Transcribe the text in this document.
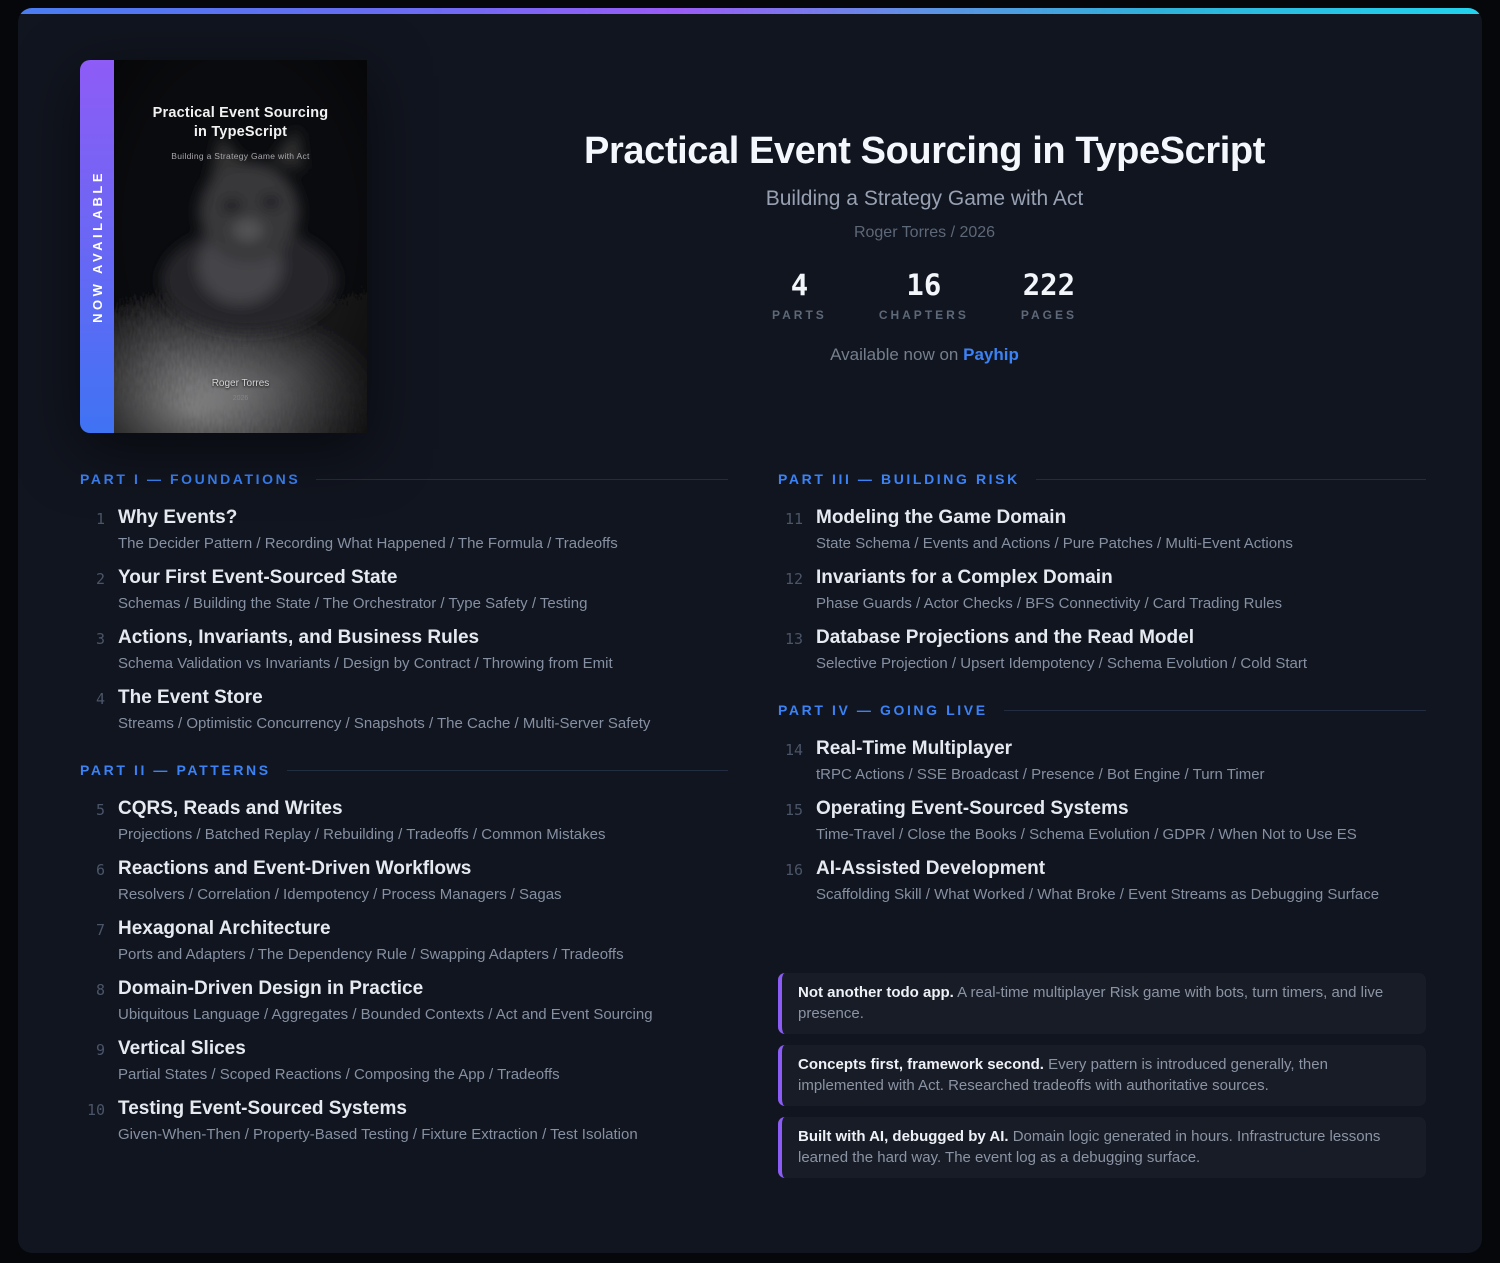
NOW AVAILABLE
Practical Event Sourcing
in TypeScript
Building a Strategy Game with Act
Roger Torres
2026
Practical Event Sourcing in TypeScript
Building a Strategy Game with Act
Roger Torres / 2026
4
PARTS
16
CHAPTERS
222
PAGES
Available now on Payhip
PART I — FOUNDATIONS
1 Why Events?
The Decider Pattern / Recording What Happened / The Formula / Tradeoffs
2 Your First Event-Sourced State
Schemas / Building the State / The Orchestrator / Type Safety / Testing
3 Actions, Invariants, and Business Rules
Schema Validation vs Invariants / Design by Contract / Throwing from Emit
4 The Event Store
Streams / Optimistic Concurrency / Snapshots / The Cache / Multi-Server Safety
PART II — PATTERNS
5 CQRS, Reads and Writes
Projections / Batched Replay / Rebuilding / Tradeoffs / Common Mistakes
6 Reactions and Event-Driven Workflows
Resolvers / Correlation / Idempotency / Process Managers / Sagas
7 Hexagonal Architecture
Ports and Adapters / The Dependency Rule / Swapping Adapters / Tradeoffs
8 Domain-Driven Design in Practice
Ubiquitous Language / Aggregates / Bounded Contexts / Act and Event Sourcing
9 Vertical Slices
Partial States / Scoped Reactions / Composing the App / Tradeoffs
10 Testing Event-Sourced Systems
Given-When-Then / Property-Based Testing / Fixture Extraction / Test Isolation
PART III — BUILDING RISK
11 Modeling the Game Domain
State Schema / Events and Actions / Pure Patches / Multi-Event Actions
12 Invariants for a Complex Domain
Phase Guards / Actor Checks / BFS Connectivity / Card Trading Rules
13 Database Projections and the Read Model
Selective Projection / Upsert Idempotency / Schema Evolution / Cold Start
PART IV — GOING LIVE
14 Real-Time Multiplayer
tRPC Actions / SSE Broadcast / Presence / Bot Engine / Turn Timer
15 Operating Event-Sourced Systems
Time-Travel / Close the Books / Schema Evolution / GDPR / When Not to Use ES
16 AI-Assisted Development
Scaffolding Skill / What Worked / What Broke / Event Streams as Debugging Surface
Not another todo app. A real-time multiplayer Risk game with bots, turn timers, and live presence.
Concepts first, framework second. Every pattern is introduced generally, then implemented with Act. Researched tradeoffs with authoritative sources.
Built with AI, debugged by AI. Domain logic generated in hours. Infrastructure lessons learned the hard way. The event log as a debugging surface.
